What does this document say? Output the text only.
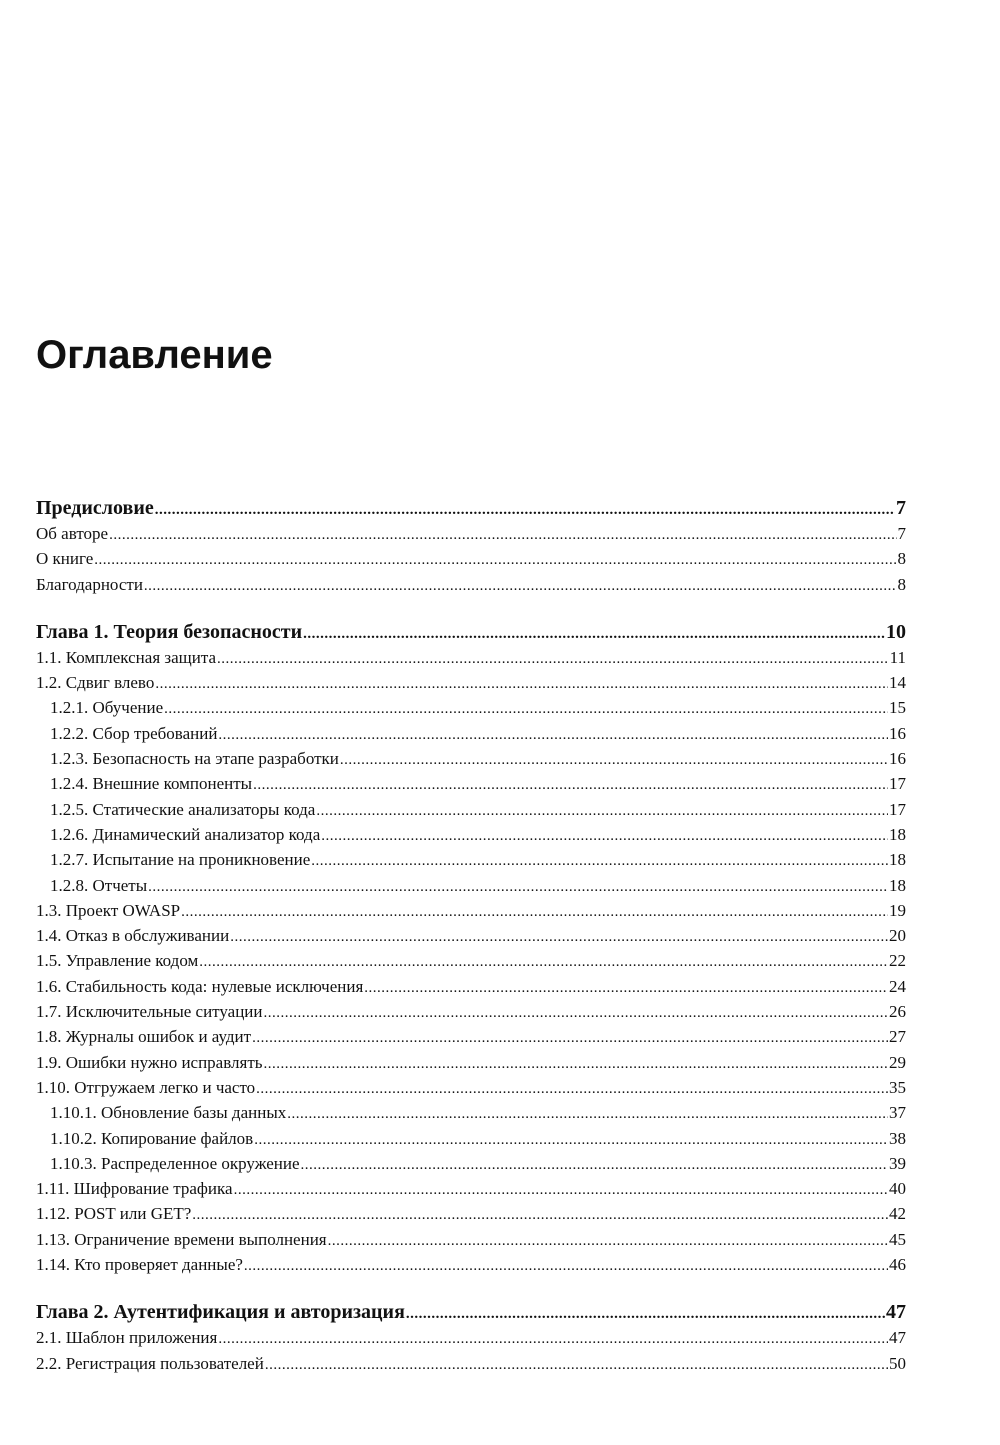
Оглавление
Предисловие .....	7
Об авторе .....	7
О книге .....	8
Благодарности .....	8
Глава 1. Теория безопасности .....	10
1.1. Комплексная защита .....	11
1.2. Сдвиг влево .....	14
1.2.1. Обучение .....	15
1.2.2. Сбор требований .....	16
1.2.3. Безопасность на этапе разработки .....	16
1.2.4. Внешние компоненты .....	17
1.2.5. Статические анализаторы кода .....	17
1.2.6. Динамический анализатор кода .....	18
1.2.7. Испытание на проникновение .....	18
1.2.8. Отчеты .....	18
1.3. Проект OWASP .....	19
1.4. Отказ в обслуживании .....	20
1.5. Управление кодом .....	22
1.6. Стабильность кода: нулевые исключения .....	24
1.7. Исключительные ситуации .....	26
1.8. Журналы ошибок и аудит .....	27
1.9. Ошибки нужно исправлять .....	29
1.10. Отгружаем легко и часто .....	35
1.10.1. Обновление базы данных .....	37
1.10.2. Копирование файлов .....	38
1.10.3. Распределенное окружение .....	39
1.11. Шифрование трафика .....	40
1.12. POST или GET? .....	42
1.13. Ограничение времени выполнения .....	45
1.14. Кто проверяет данные? .....	46
Глава 2. Аутентификация и авторизация .....	47
2.1. Шаблон приложения .....	47
2.2. Регистрация пользователей .....	50
